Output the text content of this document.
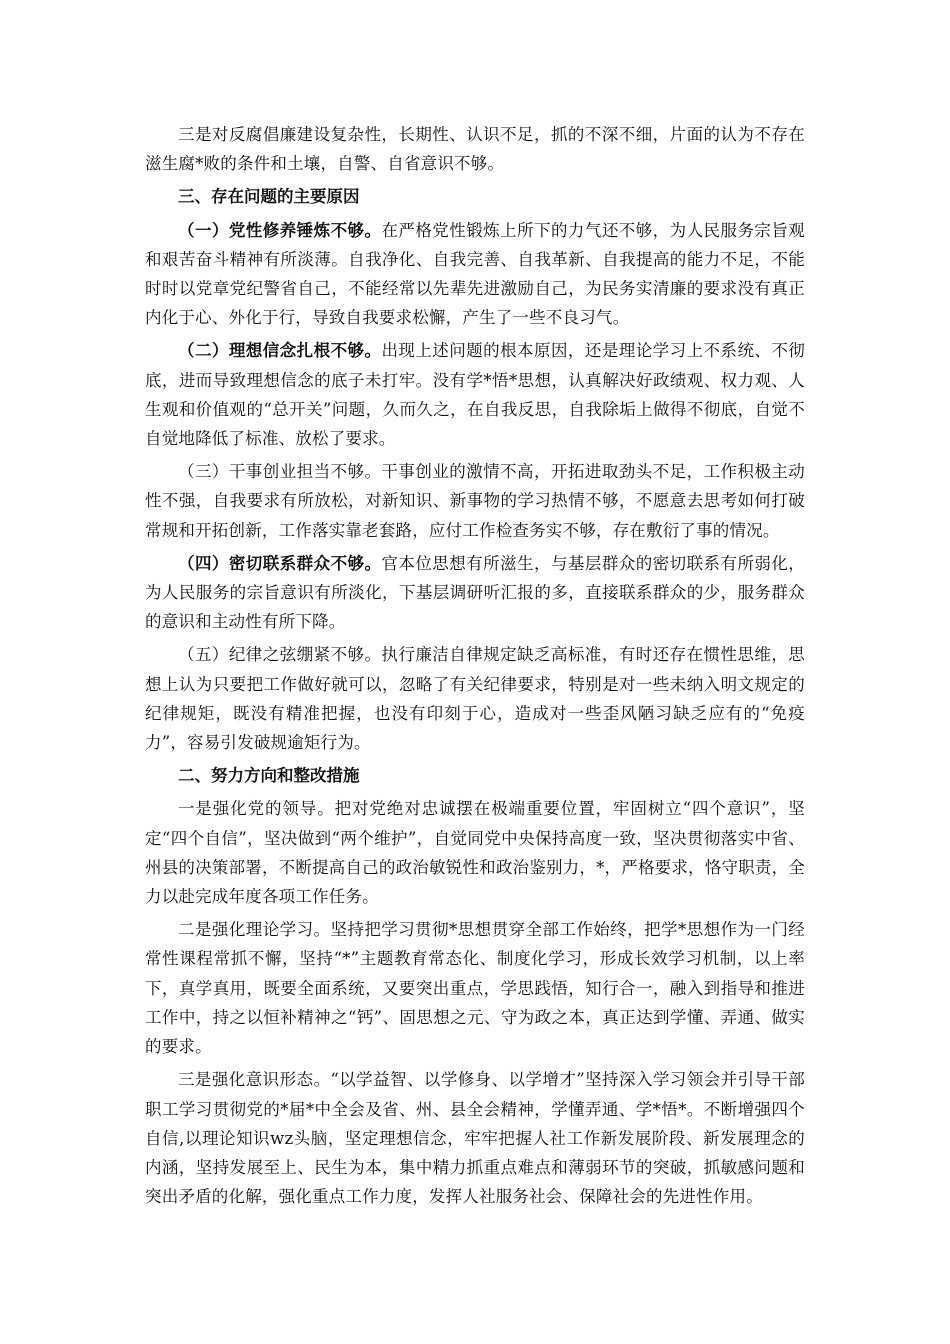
三是对反腐倡廉建设复杂性，长期性、认识不足，抓的不深不细，片面的认为不存在滋生腐*败的条件和土壤，自警、自省意识不够。

三、存在问题的主要原因

（一）党性修养锤炼不够。在严格党性锻炼上所下的力气还不够，为人民服务宗旨观和艰苦奋斗精神有所淡薄。自我净化、自我完善、自我革新、自我提高的能力不足，不能时时以党章党纪警省自己，不能经常以先辈先进激励自己，为民务实清廉的要求没有真正内化于心、外化于行，导致自我要求松懈，产生了一些不良习气。

（二）理想信念扎根不够。出现上述问题的根本原因，还是理论学习上不系统、不彻底，进而导致理想信念的底子未打牢。没有学*悟*思想，认真解决好政绩观、权力观、人生观和价值观的“总开关”问题，久而久之，在自我反思，自我除垢上做得不彻底，自觉不自觉地降低了标准、放松了要求。

（三）干事创业担当不够。干事创业的激情不高，开拓进取劲头不足，工作积极主动性不强，自我要求有所放松，对新知识、新事物的学习热情不够，不愿意去思考如何打破常规和开拓创新，工作落实靠老套路，应付工作检查务实不够，存在敷衍了事的情况。

（四）密切联系群众不够。官本位思想有所滋生，与基层群众的密切联系有所弱化，为人民服务的宗旨意识有所淡化，下基层调研听汇报的多，直接联系群众的少，服务群众的意识和主动性有所下降。

（五）纪律之弦绷紧不够。执行廉洁自律规定缺乏高标准，有时还存在惯性思维，思想上认为只要把工作做好就可以，忽略了有关纪律要求，特别是对一些未纳入明文规定的纪律规矩，既没有精准把握，也没有印刻于心，造成对一些歪风陋习缺乏应有的“免疫力”，容易引发破规逾矩行为。

二、努力方向和整改措施

一是强化党的领导。把对党绝对忠诚摆在极端重要位置，牢固树立“四个意识”，坚定“四个自信”，坚决做到“两个维护”，自觉同党中央保持高度一致，坚决贯彻落实中省、州县的决策部署，不断提高自己的政治敏锐性和政治鉴别力，*，严格要求，恪守职责，全力以赴完成年度各项工作任务。

二是强化理论学习。坚持把学习贯彻*思想贯穿全部工作始终，把学*思想作为一门经常性课程常抓不懈，坚持“*”主题教育常态化、制度化学习，形成长效学习机制，以上率下，真学真用，既要全面系统，又要突出重点，学思践悟，知行合一，融入到指导和推进工作中，持之以恒补精神之“钙”、固思想之元、守为政之本，真正达到学懂、弄通、做实的要求。

三是强化意识形态。“以学益智、以学修身、以学增才”坚持深入学习领会并引导干部职工学习贯彻党的*届*中全会及省、州、县全会精神，学懂弄通、学*悟*。不断增强四个自信,以理论知识wz头脑，坚定理想信念，牢牢把握人社工作新发展阶段、新发展理念的内涵，坚持发展至上、民生为本，集中精力抓重点难点和薄弱环节的突破，抓敏感问题和突出矛盾的化解，强化重点工作力度，发挥人社服务社会、保障社会的先进性作用。
